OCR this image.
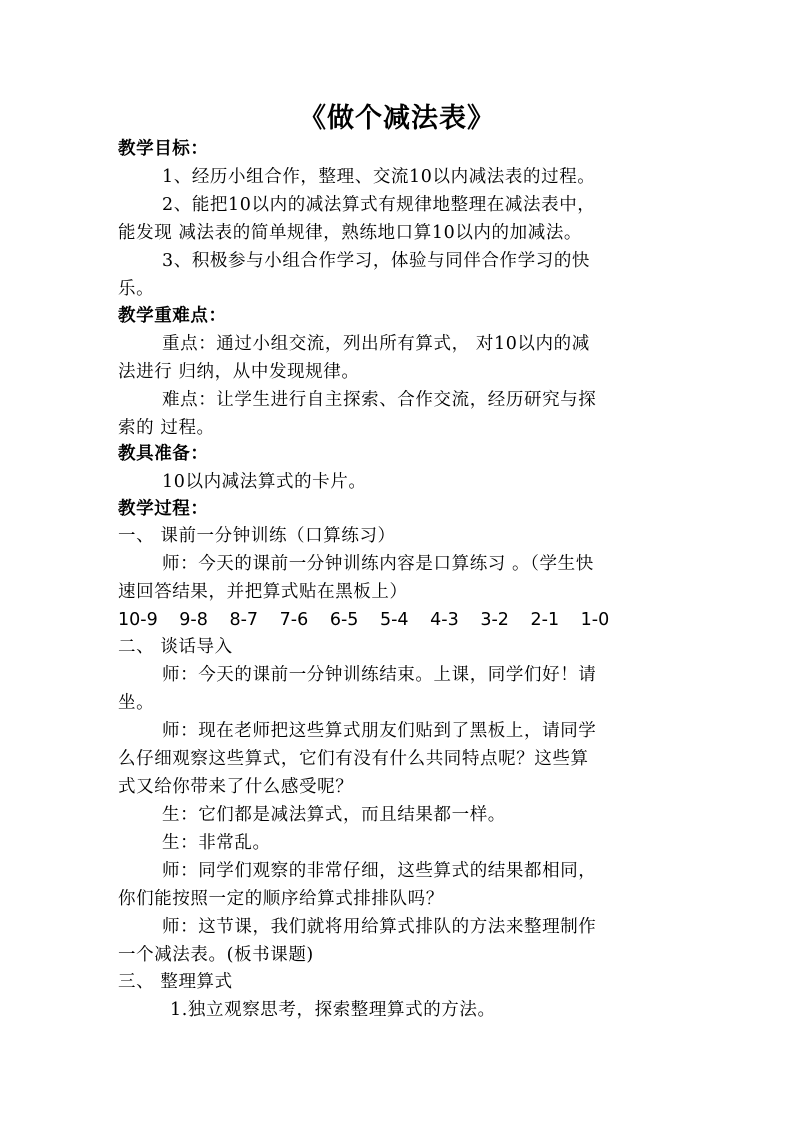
《做个减法表》
教学目标：
1、经历小组合作，整理、交流10以内减法表的过程。
2、能把10以内的减法算式有规律地整理在减法表中，
能发现 减法表的简单规律，熟练地口算10以内的加减法。
3、积极参与小组合作学习，体验与同伴合作学习的快
乐。
教学重难点：
重点：通过小组交流，列出所有算式， 对10以内的减
法进行 归纳，从中发现规律。
难点：让学生进行自主探索、合作交流，经历研究与探
索的 过程。
教具准备：
10以内减法算式的卡片。
教学过程：
一、 课前一分钟训练（口算练习）
师：今天的课前一分钟训练内容是口算练习 。（学生快
速回答结果，并把算式贴在黑板上）
10-9 9-8 8-7 7-6 6-5 5-4 4-3 3-2 2-1 1-0
二、 谈话导入
师：今天的课前一分钟训练结束。上课，同学们好！请
坐。
师：现在老师把这些算式朋友们贴到了黑板上，请同学
么仔细观察这些算式，它们有没有什么共同特点呢？这些算
式又给你带来了什么感受呢？
生：它们都是减法算式，而且结果都一样。
生：非常乱。
师：同学们观察的非常仔细，这些算式的结果都相同，
你们能按照一定的顺序给算式排排队吗？
师：这节课，我们就将用给算式排队的方法来整理制作
一个减法表。(板书课题)
三、 整理算式
1.独立观察思考，探索整理算式的方法。
